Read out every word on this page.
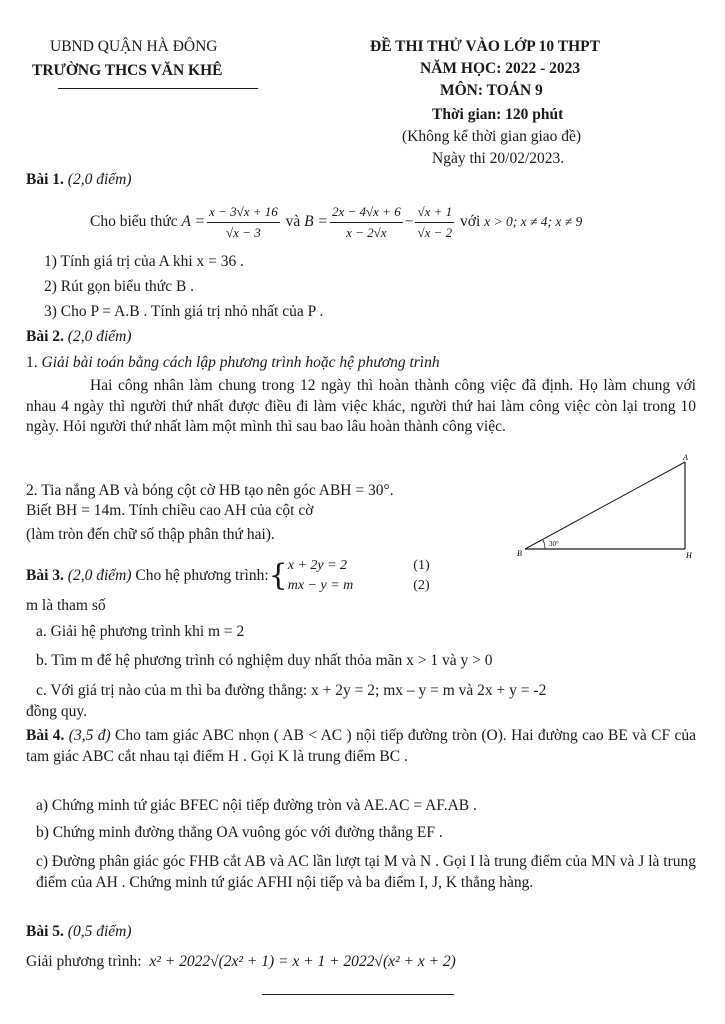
UBND QUẬN HÀ ĐÔNG
TRƯỜNG THCS VĂN KHÊ
ĐỀ THI THỬ VÀO LỚP 10 THPT
NĂM HỌC: 2022 - 2023
MÔN: TOÁN 9
Thời gian: 120 phút
(Không kể thời gian giao đề)
Ngày thi 20/02/2023.
Bài 1. (2,0 điểm)
Cho biểu thức
$A = \frac{x - 3√x + 16}{√x - 3}$
và
$B = \frac{2x - 4√x + 6}{x - 2√x} - \frac{√x + 1}{√x - 2}$
với
x > 0; x ≠ 4; x ≠ 9
1) Tính giá trị của A khi x = 36 .
2) Rút gọn biểu thức B .
3) Cho P = A.B . Tính giá trị nhỏ nhất của P .
Bài 2. (2,0 điểm)
1. Giải bài toán bằng cách lập phương trình hoặc hệ phương trình
Hai công nhân làm chung trong 12 ngày thì hoàn thành công việc đã định. Họ làm chung với nhau 4 ngày thì người thứ nhất được điều đi làm việc khác, người thứ hai làm công việc còn lại trong 10 ngày. Hỏi người thứ nhất làm một mình thì sau bao lâu hoàn thành công việc.
2. Tia nắng AB và bóng cột cờ HB tạo nên góc ABH = 30°.
Biết BH = 14m. Tính chiều cao AH của cột cờ
(làm tròn đến chữ số thập phân thứ hai).
A
B	H
30°
Bài 3.
(2,0 điểm)
Cho hệ phương trình: { x + 2y = 2
mx − y = m
(1)
(2)
m là tham số
a. Giải hệ phương trình khi m = 2
b. Tìm m để hệ phương trình có nghiệm duy nhất thỏa mãn x > 1 và y > 0
c. Với giá trị nào của m thì ba đường thẳng: x + 2y = 2; mx – y = m và 2x + y = -2
đồng quy.
Bài 4. (3,5 đ) Cho tam giác ABC nhọn ( AB < AC ) nội tiếp đường tròn (O). Hai đường cao BE và CF của tam giác ABC cắt nhau tại điểm H . Gọi K là trung điểm BC .
a) Chứng minh tứ giác BFEC nội tiếp đường tròn và AE.AC = AF.AB .
b) Chứng minh đường thẳng OA vuông góc với đường thẳng EF .
c) Đường phân giác góc FHB cắt AB và AC lần lượt tại M và N . Gọi I là trung điểm của MN và J là trung điểm của AH . Chứng minh tứ giác AFHI nội tiếp và ba điểm I, J, K thẳng hàng.
Bài 5. (0,5 điểm)
Giải phương trình: x² + 2022√(2x² + 1) = x + 1 + 2022√(x² + x + 2)
